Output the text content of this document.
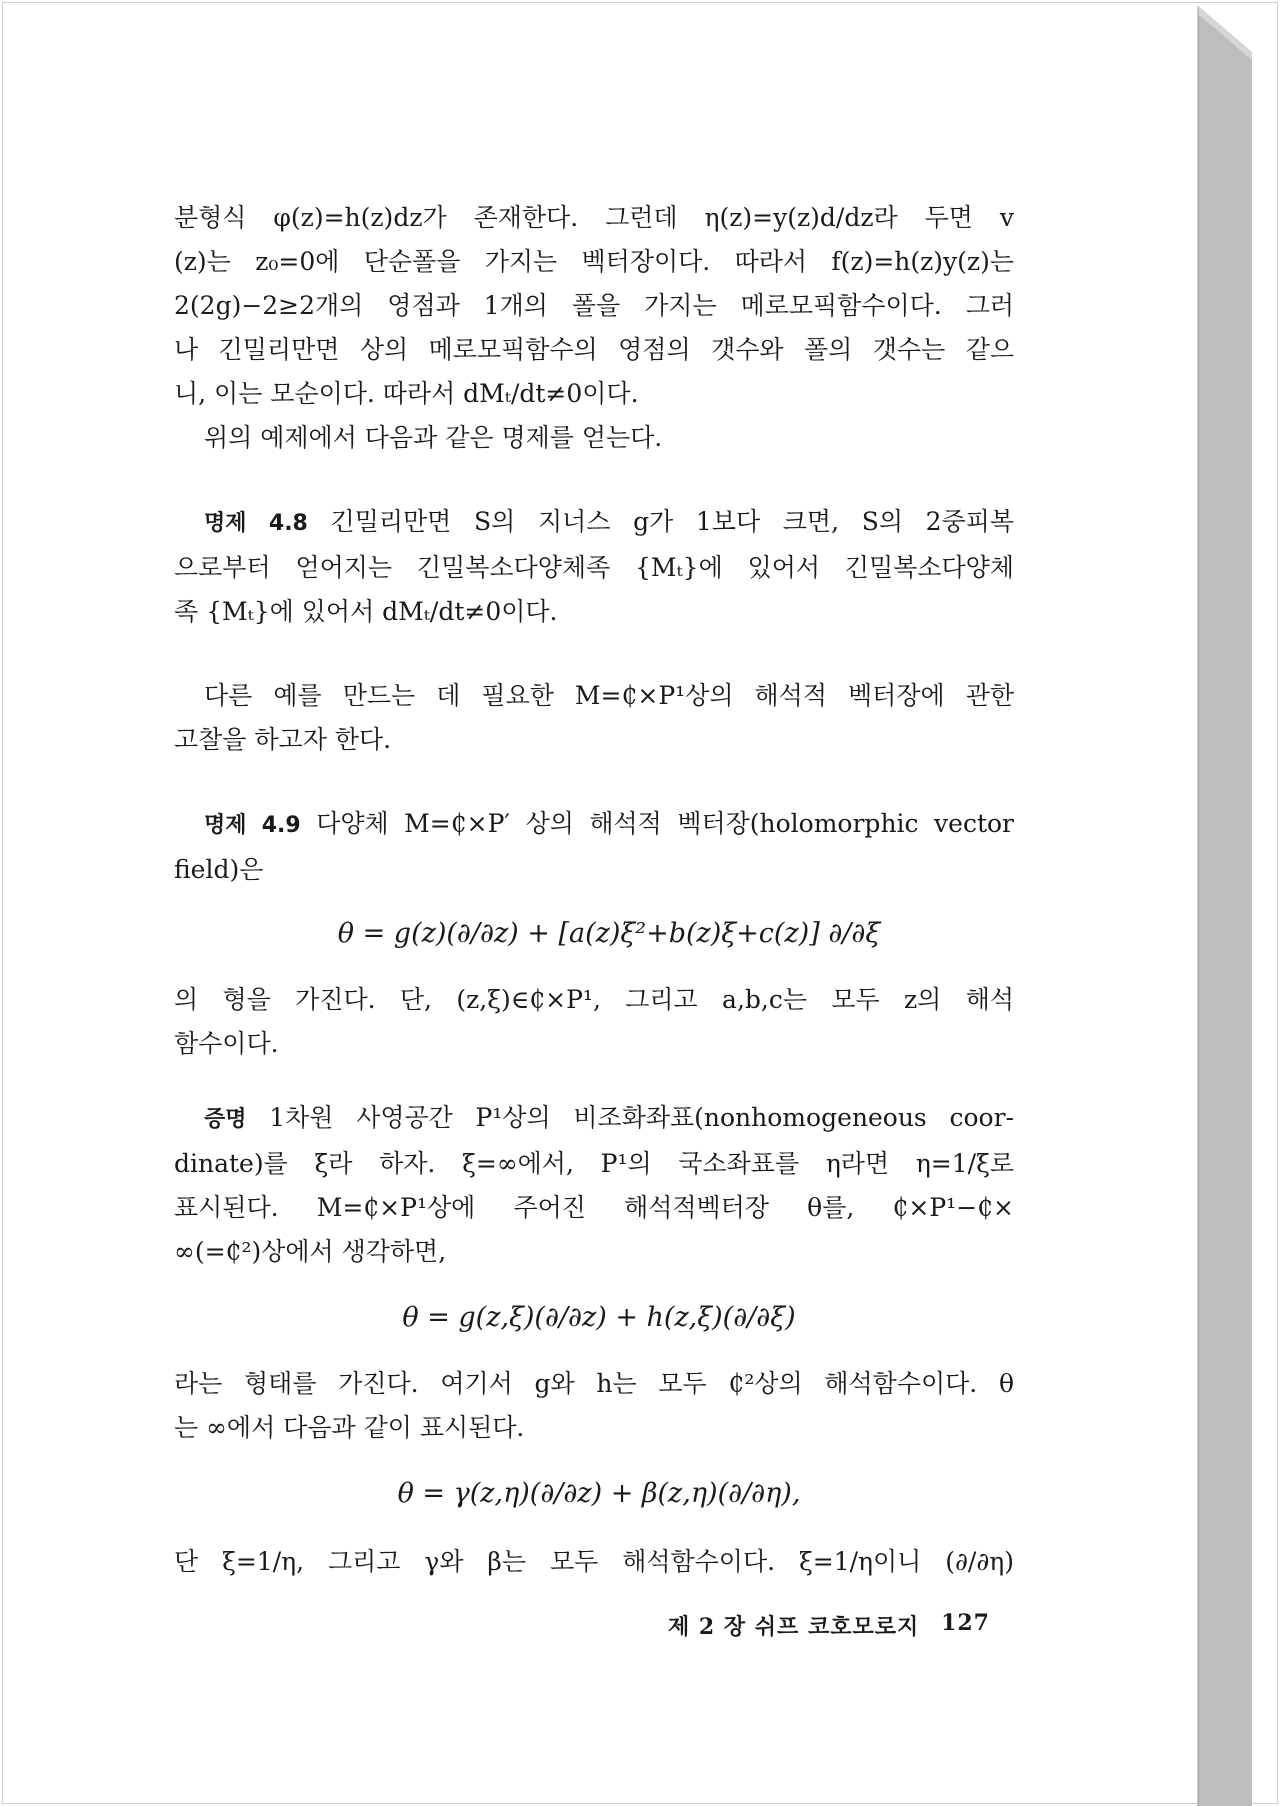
분형식 φ(z)=h(z)dz가 존재한다. 그런데 η(z)=y(z)d/dz라 두면 v
(z)는 z₀=0에 단순폴을 가지는 벡터장이다. 따라서 f(z)=h(z)y(z)는
2(2g)−2≥2개의 영점과 1개의 폴을 가지는 메로모픽함수이다. 그러
나 긴밀리만면 상의 메로모픽함수의 영점의 갯수와 폴의 갯수는 같으
니, 이는 모순이다. 따라서 dMₜ/dt≠0이다.
위의 예제에서 다음과 같은 명제를 얻는다.
명제 4.8 긴밀리만면 S의 지너스 g가 1보다 크면, S의 2중피복
으로부터 얻어지는 긴밀복소다양체족 {Mₜ}에 있어서 긴밀복소다양체
족 {Mₜ}에 있어서 dMₜ/dt≠0이다.
다른 예를 만드는 데 필요한 M=₵×P¹상의 해석적 벡터장에 관한
고찰을 하고자 한다.
명제 4.9 다양체 M=₵×P′ 상의 해석적 벡터장(holomorphic vector
field)은
θ = g(z)(∂/∂z) + [a(z)ξ²+b(z)ξ+c(z)] ∂/∂ξ
의 형을 가진다. 단, (z,ξ)∈₵×P¹, 그리고 a,b,c는 모두 z의 해석
함수이다.
증명 1차원 사영공간 P¹상의 비조화좌표(nonhomogeneous coor-
dinate)를 ξ라 하자. ξ=∞에서, P¹의 국소좌표를 η라면 η=1/ξ로
표시된다. M=₵×P¹상에 주어진 해석적벡터장 θ를, ₵×P¹−₵×
∞(=₵²)상에서 생각하면,
θ = g(z,ξ)(∂/∂z) + h(z,ξ)(∂/∂ξ)
라는 형태를 가진다. 여기서 g와 h는 모두 ₵²상의 해석함수이다. θ
는 ∞에서 다음과 같이 표시된다.
θ = γ(z,η)(∂/∂z) + β(z,η)(∂/∂η),
단 ξ=1/η, 그리고 γ와 β는 모두 해석함수이다. ξ=1/η이니 (∂/∂η)
제 2 장 쉬프 코호모로지 127
